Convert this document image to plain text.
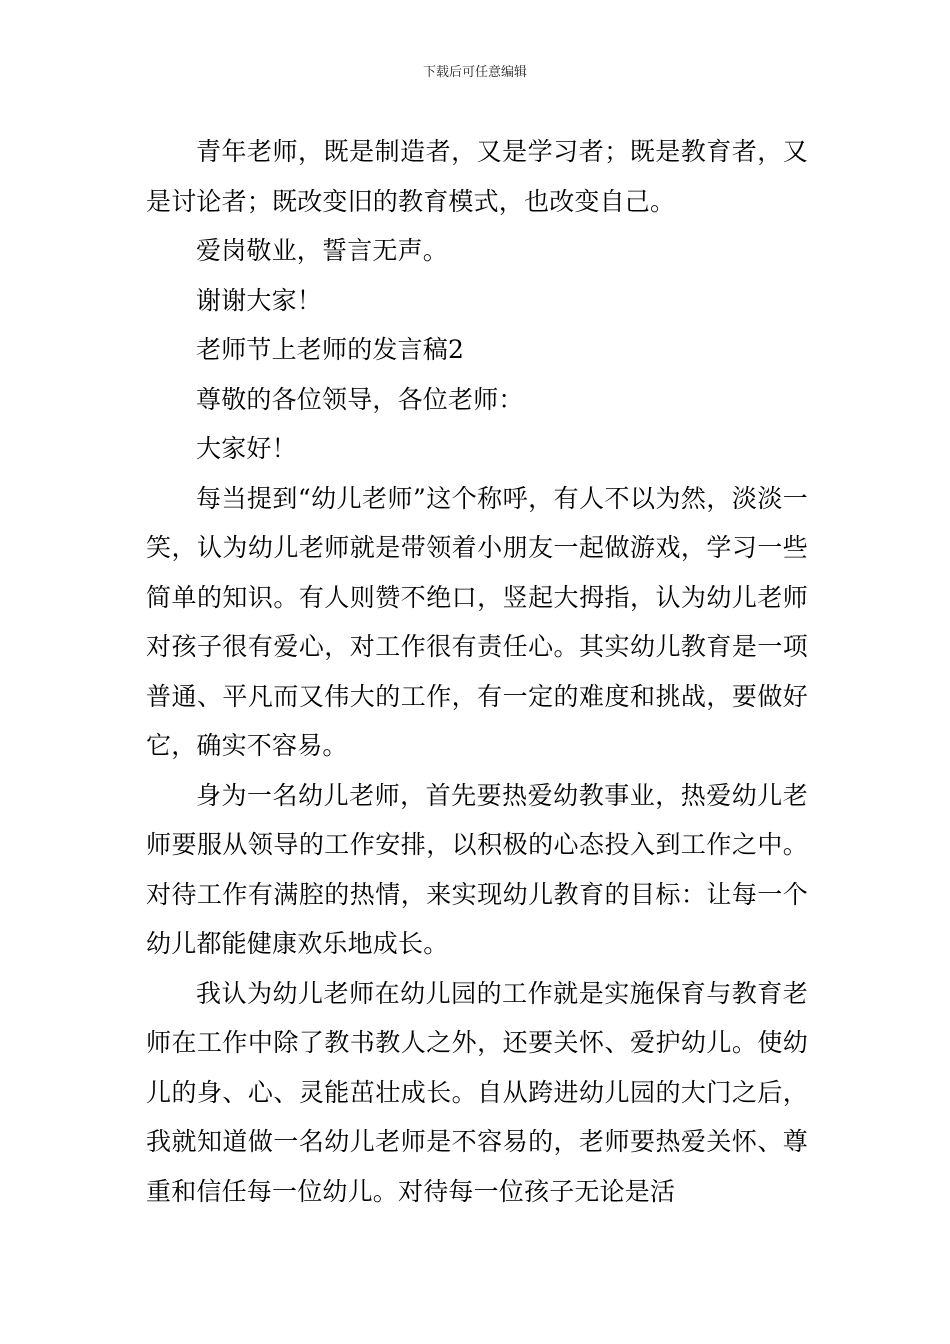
下载后可任意编辑

青年老师，既是制造者，又是学习者；既是教育者，又是讨论者；既改变旧的教育模式，也改变自己。

爱岗敬业，誓言无声。

谢谢大家！

老师节上老师的发言稿2

尊敬的各位领导，各位老师：

大家好！

每当提到“幼儿老师”这个称呼，有人不以为然，淡淡一笑，认为幼儿老师就是带领着小朋友一起做游戏，学习一些简单的知识。有人则赞不绝口，竖起大拇指，认为幼儿老师对孩子很有爱心，对工作很有责任心。其实幼儿教育是一项普通、平凡而又伟大的工作，有一定的难度和挑战，要做好它，确实不容易。

身为一名幼儿老师，首先要热爱幼教事业，热爱幼儿老师要服从领导的工作安排，以积极的心态投入到工作之中。对待工作有满腔的热情，来实现幼儿教育的目标：让每一个幼儿都能健康欢乐地成长。

我认为幼儿老师在幼儿园的工作就是实施保育与教育老师在工作中除了教书教人之外，还要关怀、爱护幼儿。使幼儿的身、心、灵能茁壮成长。自从跨进幼儿园的大门之后，我就知道做一名幼儿老师是不容易的，老师要热爱关怀、尊重和信任每一位幼儿。对待每一位孩子无论是活
